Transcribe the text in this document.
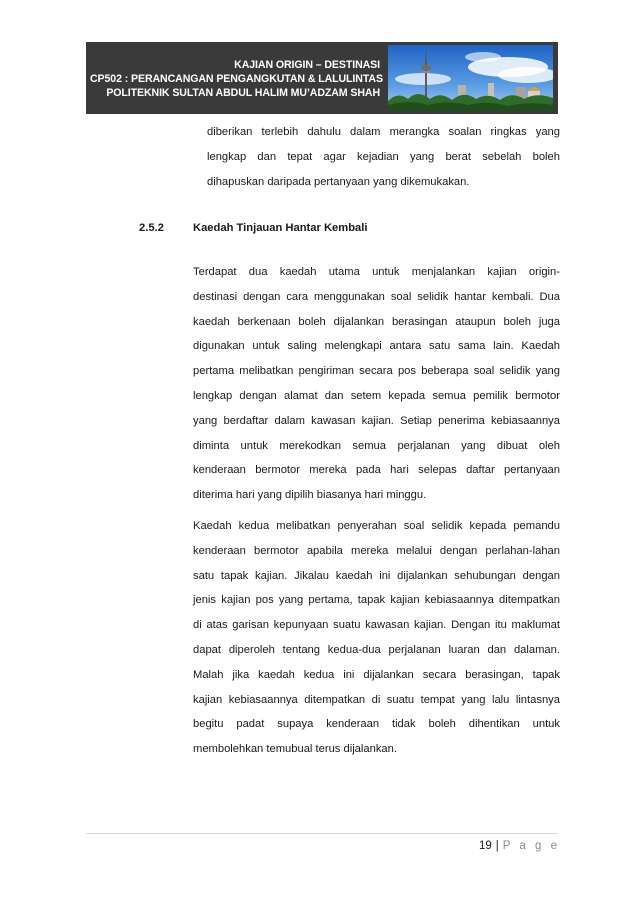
KAJIAN ORIGIN – DESTINASI
CP502 : PERANCANGAN PENGANGKUTAN & LALULINTAS
POLITEKNIK SULTAN ABDUL HALIM MU’ADZAM SHAH
diberikan terlebih dahulu dalam merangka soalan ringkas yang
lengkap dan tepat agar kejadian yang berat sebelah boleh
dihapuskan daripada pertanyaan yang dikemukakan.
2.5.2	Kaedah Tinjauan Hantar Kembali
Terdapat dua kaedah utama untuk menjalankan kajian origin-
destinasi dengan cara menggunakan soal selidik hantar kembali. Dua
kaedah berkenaan boleh dijalankan berasingan ataupun boleh juga
digunakan untuk saling melengkapi antara satu sama lain. Kaedah
pertama melibatkan pengiriman secara pos beberapa soal selidik yang
lengkap dengan alamat dan setem kepada semua pemilik bermotor
yang berdaftar dalam kawasan kajian. Setiap penerima kebiasaannya
diminta untuk merekodkan semua perjalanan yang dibuat oleh
kenderaan bermotor mereka pada hari selepas daftar pertanyaan
diterima hari yang dipilih biasanya hari minggu.
Kaedah kedua melibatkan penyerahan soal selidik kepada pemandu
kenderaan bermotor apabila mereka melalui dengan perlahan-lahan
satu tapak kajian. Jikalau kaedah ini dijalankan sehubungan dengan
jenis kajian pos yang pertama, tapak kajian kebiasaannya ditempatkan
di atas garisan kepunyaan suatu kawasan kajian. Dengan itu maklumat
dapat diperoleh tentang kedua-dua perjalanan luaran dan dalaman.
Malah jika kaedah kedua ini dijalankan secara berasingan, tapak
kajian kebiasaannya ditempatkan di suatu tempat yang lalu lintasnya
begitu padat supaya kenderaan tidak boleh dihentikan untuk
membolehkan temubual terus dijalankan.
19 | P a g e
